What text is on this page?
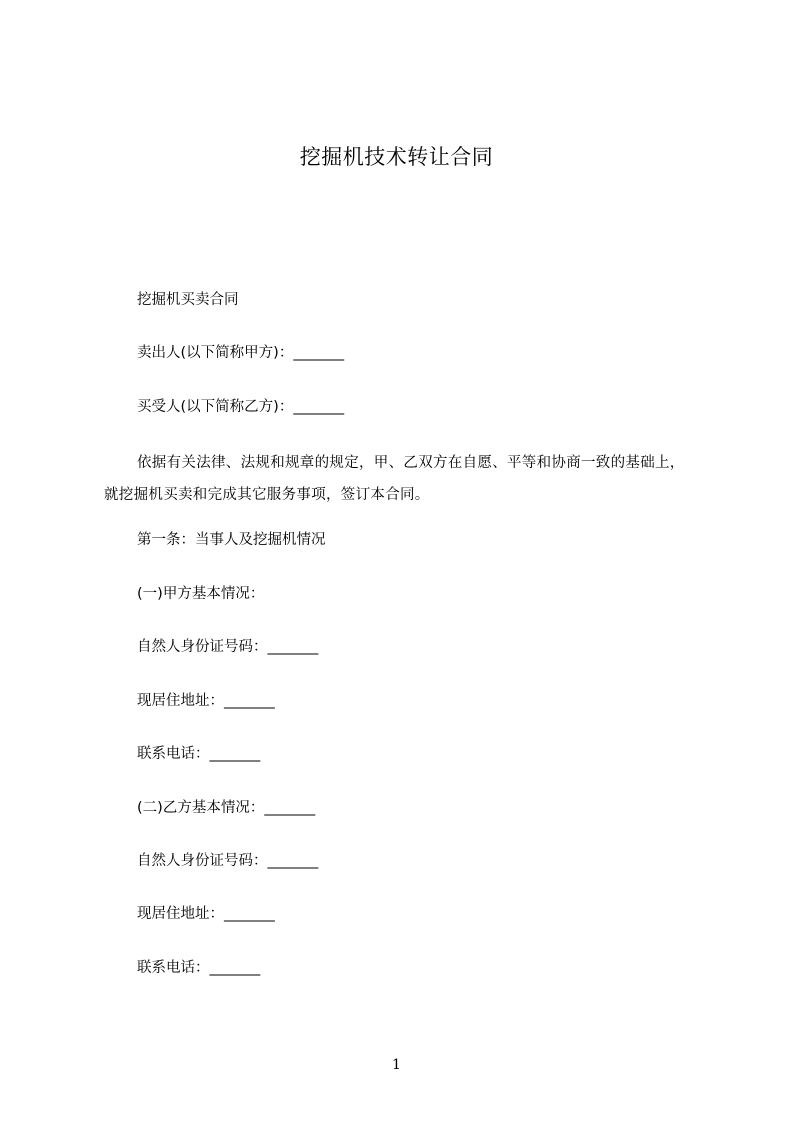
挖掘机技术转让合同
挖掘机买卖合同
卖出人(以下简称甲方)：_______
买受人(以下简称乙方)：_______
依据有关法律、法规和规章的规定，甲、乙双方在自愿、平等和协商一致的基础上，就挖掘机买卖和完成其它服务事项，签订本合同。
第一条：当事人及挖掘机情况
(一)甲方基本情况：
自然人身份证号码：_______
现居住地址：_______
联系电话：_______
(二)乙方基本情况：_______
自然人身份证号码：_______
现居住地址：_______
联系电话：_______
1
